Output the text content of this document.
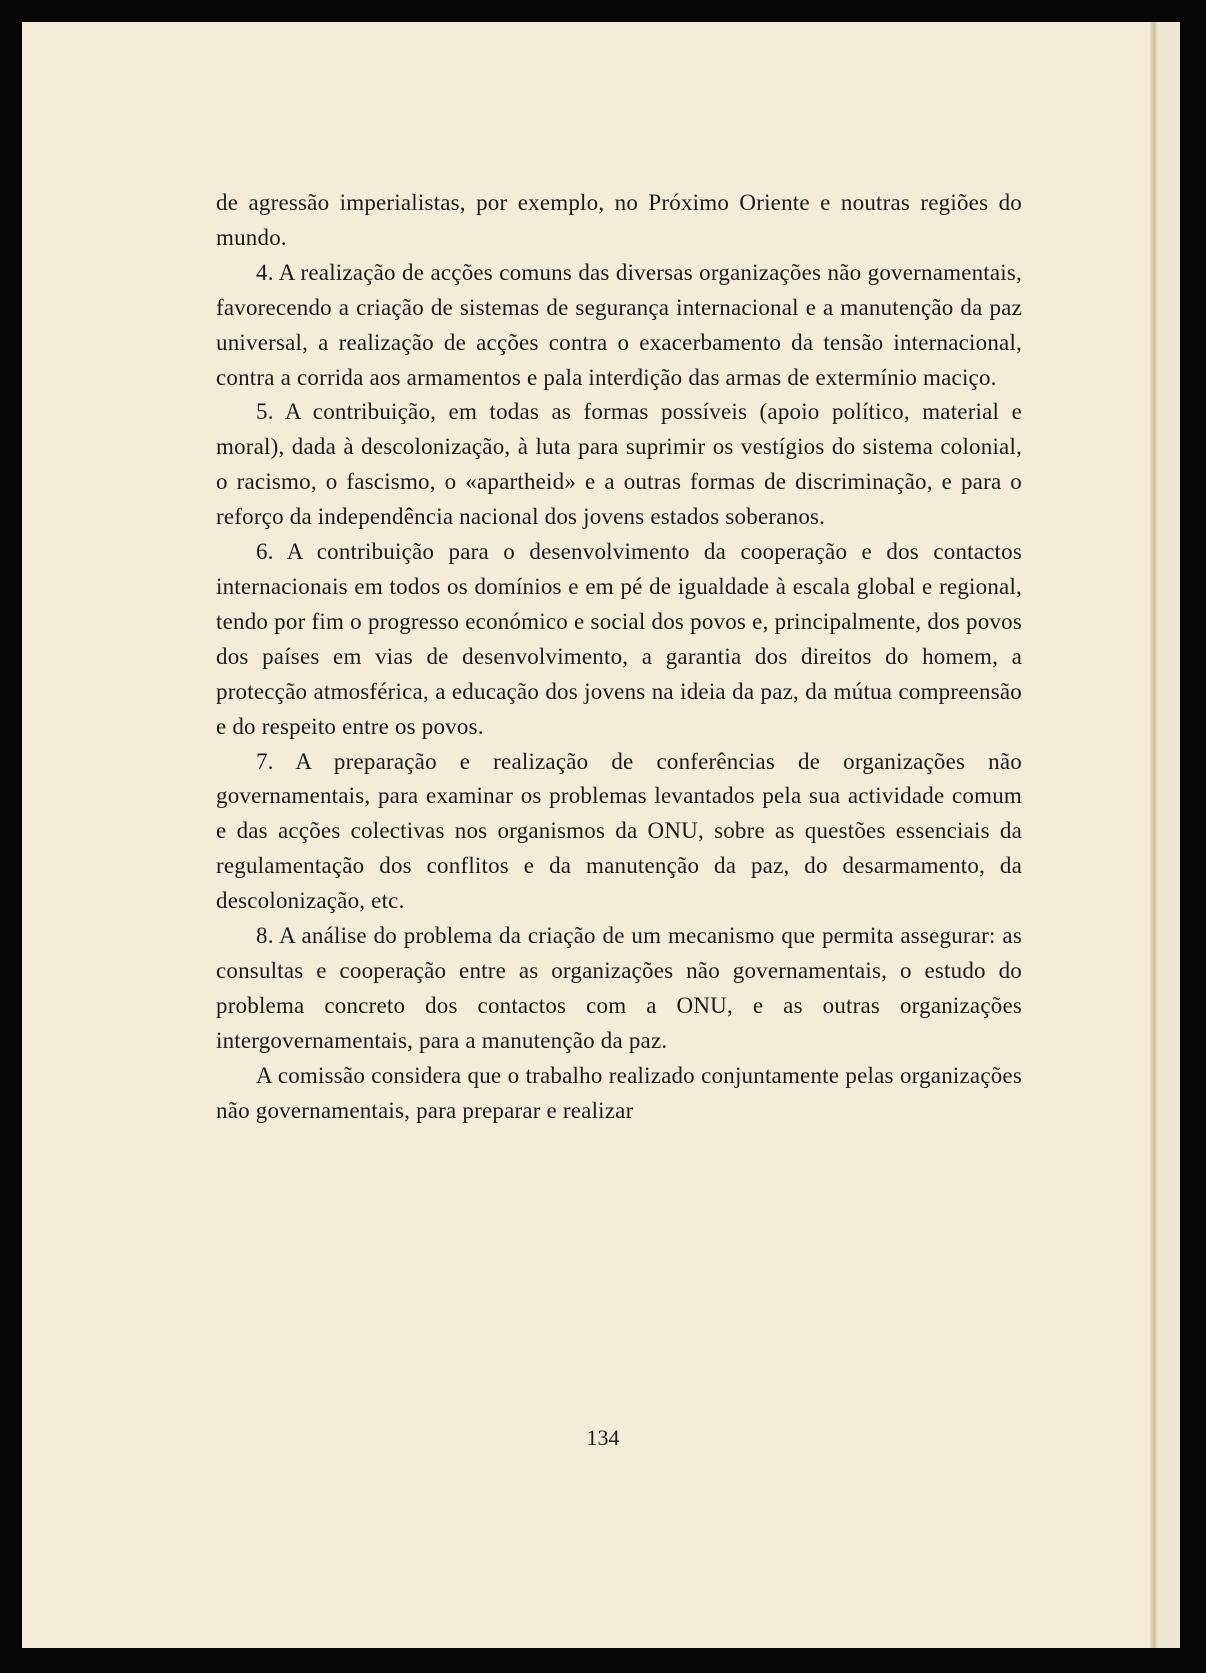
de agressão imperialistas, por exemplo, no Próximo Oriente e noutras regiões do mundo.

4. A realização de acções comuns das diversas organizações não governamentais, favorecendo a criação de sistemas de segurança internacional e a manutenção da paz universal, a realização de acções contra o exacerbamento da tensão internacional, contra a corrida aos armamentos e pala interdição das armas de extermínio maciço.

5. A contribuição, em todas as formas possíveis (apoio político, material e moral), dada à descolonização, à luta para suprimir os vestígios do sistema colonial, o racismo, o fascismo, o «apartheid» e a outras formas de discriminação, e para o reforço da independência nacional dos jovens estados soberanos.

6. A contribuição para o desenvolvimento da cooperação e dos contactos internacionais em todos os domínios e em pé de igualdade à escala global e regional, tendo por fim o progresso económico e social dos povos e, principalmente, dos povos dos países em vias de desenvolvimento, a garantia dos direitos do homem, a protecção atmosférica, a educação dos jovens na ideia da paz, da mútua compreensão e do respeito entre os povos.

7. A preparação e realização de conferências de organizações não governamentais, para examinar os problemas levantados pela sua actividade comum e das acções colectivas nos organismos da ONU, sobre as questões essenciais da regulamentação dos conflitos e da manutenção da paz, do desarmamento, da descolonização, etc.

8. A análise do problema da criação de um mecanismo que permita assegurar: as consultas e cooperação entre as organizações não governamentais, o estudo do problema concreto dos contactos com a ONU, e as outras organizações intergovernamentais, para a manutenção da paz.

A comissão considera que o trabalho realizado conjuntamente pelas organizações não governamentais, para preparar e realizar

134
